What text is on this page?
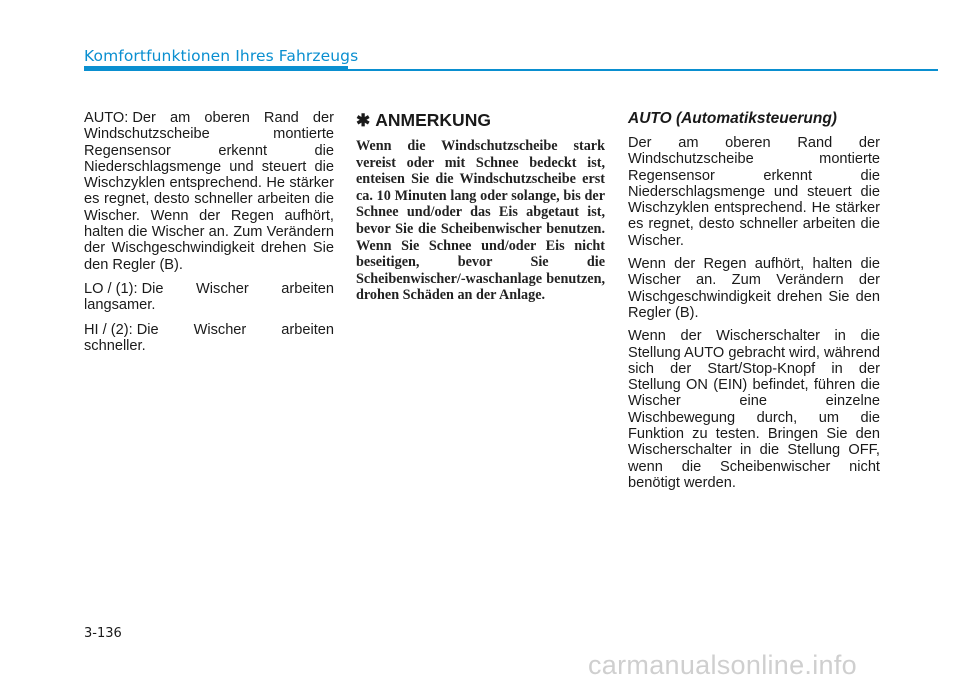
Komfortfunktionen Ihres Fahrzeugs
AUTO: Der am oberen Rand der Windschutzscheibe montierte Regensensor erkennt die Niederschlagsmenge und steuert die Wischzyklen entsprechend. He stärker es regnet, desto schneller arbeiten die Wischer. Wenn der Regen aufhört, halten die Wischer an. Zum Verändern der Wischgeschwindigkeit drehen Sie den Regler (B).
LO / (1): Die Wischer arbeiten langsamer.
HI / (2): Die Wischer arbeiten schneller.
✱ ANMERKUNG
Wenn die Windschutzscheibe stark vereist oder mit Schnee bedeckt ist, enteisen Sie die Windschutzscheibe erst ca. 10 Minuten lang oder solange, bis der Schnee und/oder das Eis abgetaut ist, bevor Sie die Scheibenwischer benutzen. Wenn Sie Schnee und/oder Eis nicht beseitigen, bevor Sie die Scheibenwischer/-waschanlage benutzen, drohen Schäden an der Anlage.
AUTO (Automatiksteuerung)

Der am oberen Rand der Windschutzscheibe montierte Regensensor erkennt die Niederschlagsmenge und steuert die Wischzyklen entsprechend. He stärker es regnet, desto schneller arbeiten die Wischer.

Wenn der Regen aufhört, halten die Wischer an. Zum Verändern der Wischgeschwindigkeit drehen Sie den Regler (B).

Wenn der Wischerschalter in die Stellung AUTO gebracht wird, während sich der Start/Stop-Knopf in der Stellung ON (EIN) befindet, führen die Wischer eine einzelne Wischbewegung durch, um die Funktion zu testen. Bringen Sie den Wischerschalter in die Stellung OFF, wenn die Scheibenwischer nicht benötigt werden.

3-136
carmanualsonline.info
